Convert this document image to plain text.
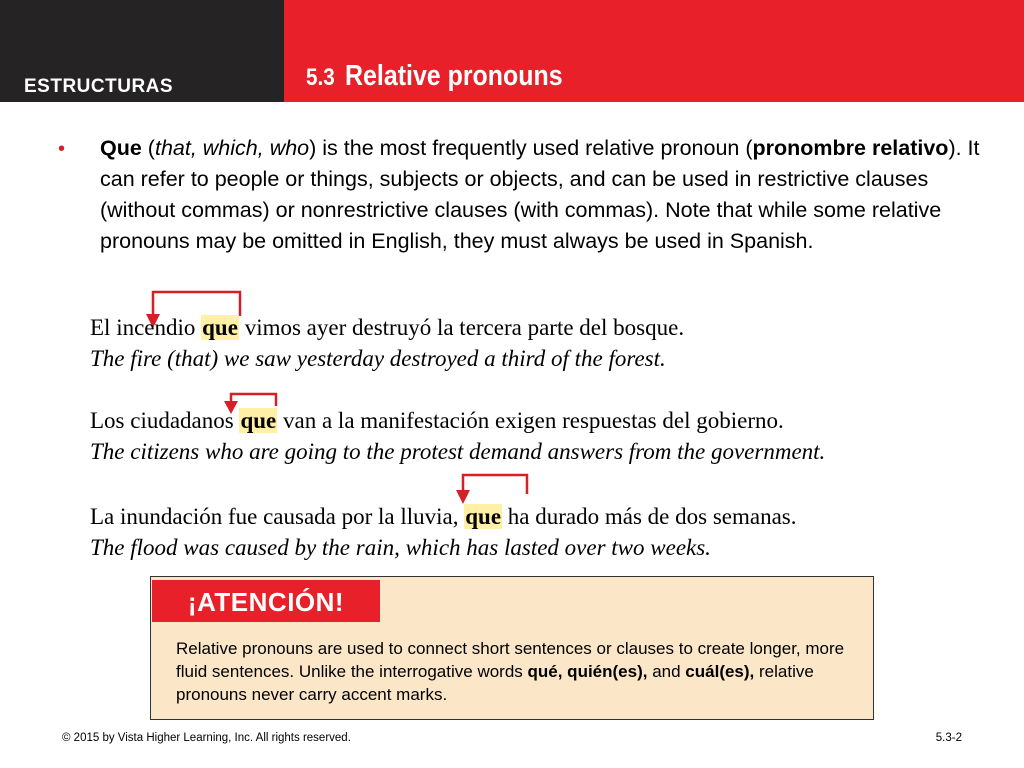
ESTRUCTURAS	5.3 Relative pronouns
• Que (that, which, who) is the most frequently used relative pronoun (pronombre relativo). It can refer to people or things, subjects or objects, and can be used in restrictive clauses (without commas) or nonrestrictive clauses (with commas). Note that while some relative pronouns may be omitted in English, they must always be used in Spanish.
El incendio que vimos ayer destruyó la tercera parte del bosque.
The fire (that) we saw yesterday destroyed a third of the forest.
Los ciudadanos que van a la manifestación exigen respuestas del gobierno.
The citizens who are going to the protest demand answers from the government.
La inundación fue causada por la lluvia, que ha durado más de dos semanas.
The flood was caused by the rain, which has lasted over two weeks.
¡ATENCIÓN!
Relative pronouns are used to connect short sentences or clauses to create longer, more fluid sentences. Unlike the interrogative words qué, quién(es), and cuál(es), relative pronouns never carry accent marks.
© 2015 by Vista Higher Learning, Inc. All rights reserved.	5.3-2
